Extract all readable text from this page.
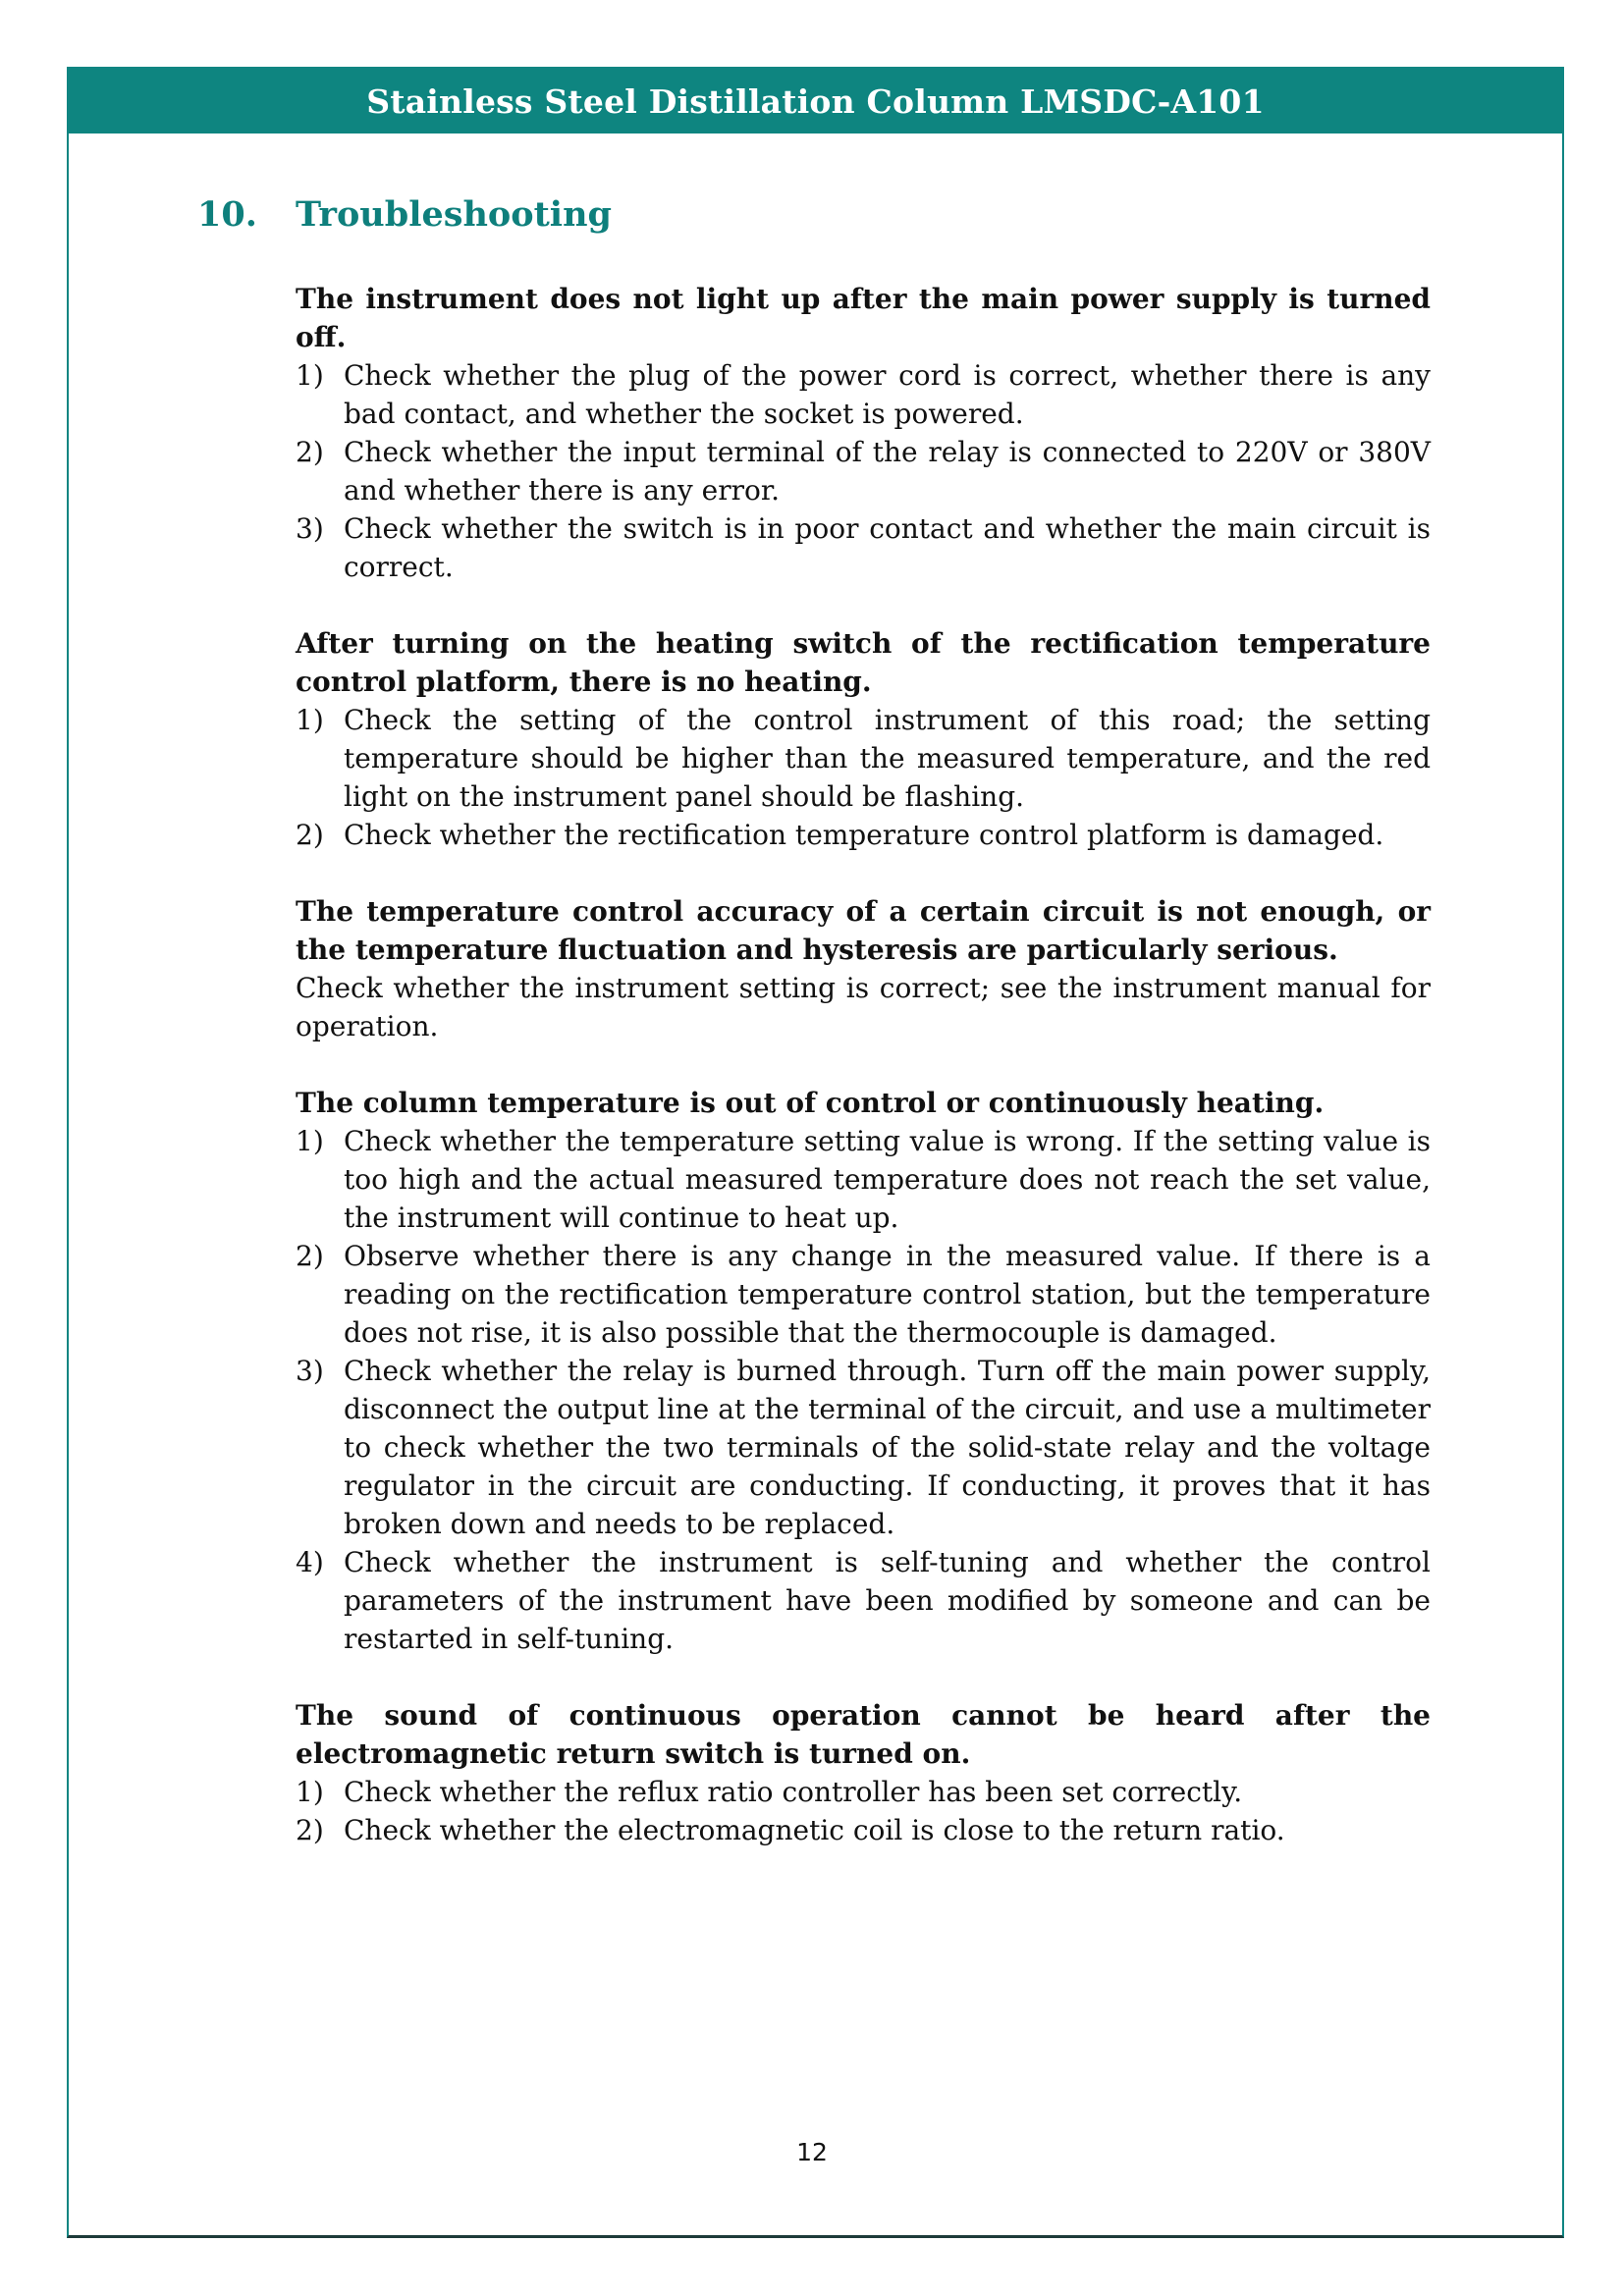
Stainless Steel Distillation Column LMSDC-A101
10. Troubleshooting
The instrument does not light up after the main power supply is turned off.
1) Check whether the plug of the power cord is correct, whether there is any bad contact, and whether the socket is powered.
2) Check whether the input terminal of the relay is connected to 220V or 380V and whether there is any error.
3) Check whether the switch is in poor contact and whether the main circuit is correct.
After turning on the heating switch of the rectification temperature control platform, there is no heating.
1) Check the setting of the control instrument of this road; the setting temperature should be higher than the measured temperature, and the red light on the instrument panel should be flashing.
2) Check whether the rectification temperature control platform is damaged.
The temperature control accuracy of a certain circuit is not enough, or the temperature fluctuation and hysteresis are particularly serious.
Check whether the instrument setting is correct; see the instrument manual for operation.
The column temperature is out of control or continuously heating.
1) Check whether the temperature setting value is wrong. If the setting value is too high and the actual measured temperature does not reach the set value, the instrument will continue to heat up.
2) Observe whether there is any change in the measured value. If there is a reading on the rectification temperature control station, but the temperature does not rise, it is also possible that the thermocouple is damaged.
3) Check whether the relay is burned through. Turn off the main power supply, disconnect the output line at the terminal of the circuit, and use a multimeter to check whether the two terminals of the solid-state relay and the voltage regulator in the circuit are conducting. If conducting, it proves that it has broken down and needs to be replaced.
4) Check whether the instrument is self-tuning and whether the control parameters of the instrument have been modified by someone and can be restarted in self-tuning.
The sound of continuous operation cannot be heard after the
electromagnetic return switch is turned on.
1) Check whether the reflux ratio controller has been set correctly.
2) Check whether the electromagnetic coil is close to the return ratio.
12
